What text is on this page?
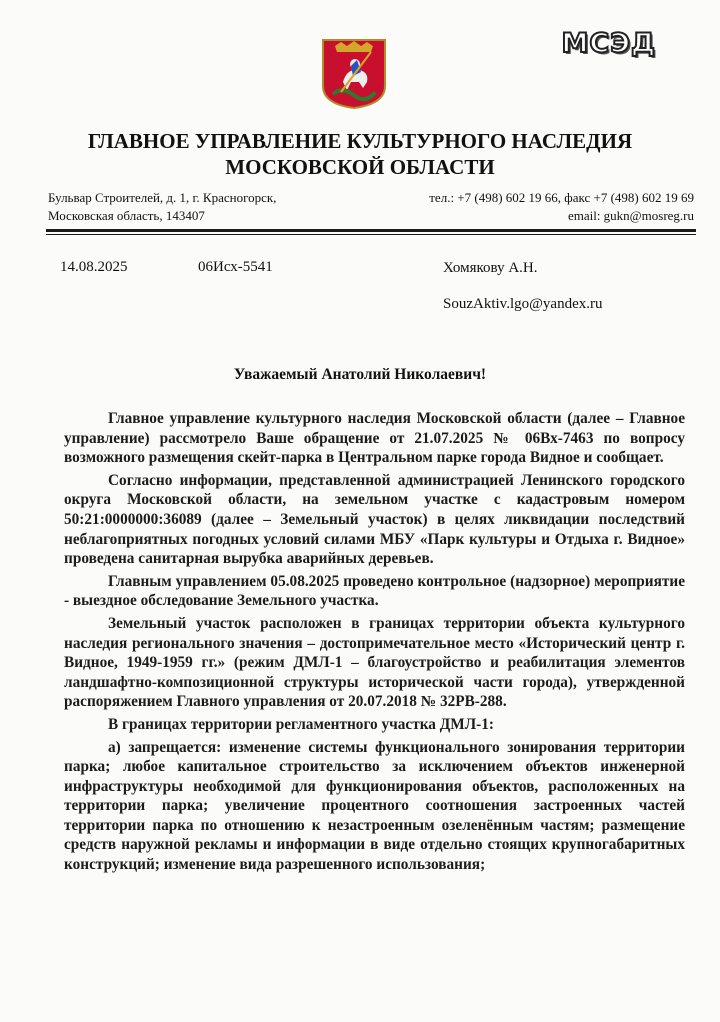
МСЭД
ГЛАВНОЕ УПРАВЛЕНИЕ КУЛЬТУРНОГО НАСЛЕДИЯ
МОСКОВСКОЙ ОБЛАСТИ
Бульвар Строителей, д. 1, г. Красногорск,
Московская область, 143407
тел.: +7 (498) 602 19 66, факс +7 (498) 602 19 69
email: gukn@mosreg.ru
14.08.2025	06Исх-5541	Хомякову А.Н.
SouzAktiv.lgo@yandex.ru
Уважаемый Анатолий Николаевич!

Главное управление культурного наследия Московской области (далее – Главное управление) рассмотрело Ваше обращение от 21.07.2025 № 06Вх-7463 по вопросу возможного размещения скейт-парка в Центральном парке города Видное и сообщает.

Согласно информации, представленной администрацией Ленинского городского округа Московской области, на земельном участке с кадастровым номером 50:21:0000000:36089 (далее – Земельный участок) в целях ликвидации последствий неблагоприятных погодных условий силами МБУ «Парк культуры и Отдыха г. Видное» проведена санитарная вырубка аварийных деревьев.

Главным управлением 05.08.2025 проведено контрольное (надзорное) мероприятие - выездное обследование Земельного участка.

Земельный участок расположен в границах территории объекта культурного наследия регионального значения – достопримечательное место «Исторический центр г. Видное, 1949-1959 гг.» (режим ДМЛ-1 – благоустройство и реабилитация элементов ландшафтно-композиционной структуры исторической части города), утвержденной распоряжением Главного управления от 20.07.2018 № 32РВ-288.

В границах территории регламентного участка ДМЛ-1:

а) запрещается: изменение системы функционального зонирования территории парка; любое капитальное строительство за исключением объектов инженерной инфраструктуры необходимой для функционирования объектов, расположенных на территории парка; увеличение процентного соотношения застроенных частей территории парка по отношению к незастроенным озеленённым частям; размещение средств наружной рекламы и информации в виде отдельно стоящих крупногабаритных конструкций; изменение вида разрешенного использования;
